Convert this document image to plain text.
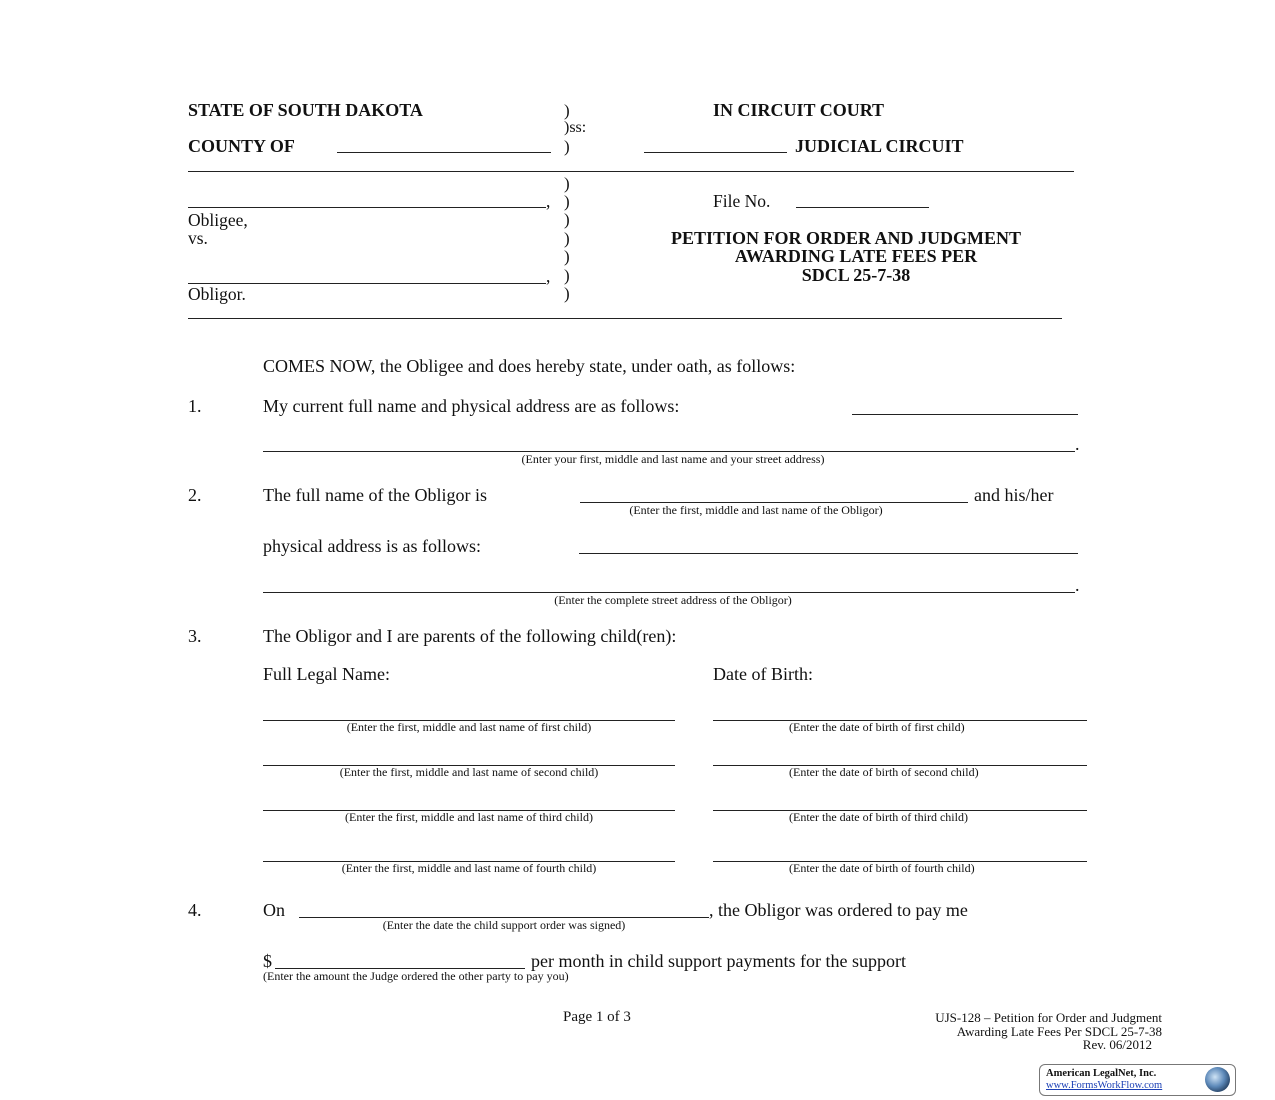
STATE OF SOUTH DAKOTA	)
)ss:
IN CIRCUIT COURT
COUNTY OF	)	JUDICIAL CIRCUIT
)
, )	File No.
Obligee,	)
vs.	)
)
PETITION FOR ORDER AND JUDGMENT
AWARDING LATE FEES PER
SDCL 25-7-38
, )
Obligor.	)
COMES NOW, the Obligee and does hereby state, under oath, as follows:
1.	My current full name and physical address are as follows:
.
(Enter your first, middle and last name and your street address)
2.	The full name of the Obligor is	and his/her
(Enter the first, middle and last name of the Obligor)
physical address is as follows:
.
(Enter the complete street address of the Obligor)
3.	The Obligor and I are parents of the following child(ren):
Full Legal Name:	Date of Birth:
(Enter the first, middle and last name of first child)	(Enter the date of birth of first child)
(Enter the first, middle and last name of second child)	(Enter the date of birth of second child)
(Enter the first, middle and last name of third child)	(Enter the date of birth of third child)
(Enter the first, middle and last name of fourth child)	(Enter the date of birth of fourth child)
4.	On	, the Obligor was ordered to pay me
(Enter the date the child support order was signed)
$	per month in child support payments for the support
(Enter the amount the Judge ordered the other party to pay you)
Page 1 of 3	UJS-128 – Petition for Order and Judgment
Awarding Late Fees Per SDCL 25-7-38
Rev. 06/2012
American LegalNet, Inc.
www.FormsWorkFlow.com
